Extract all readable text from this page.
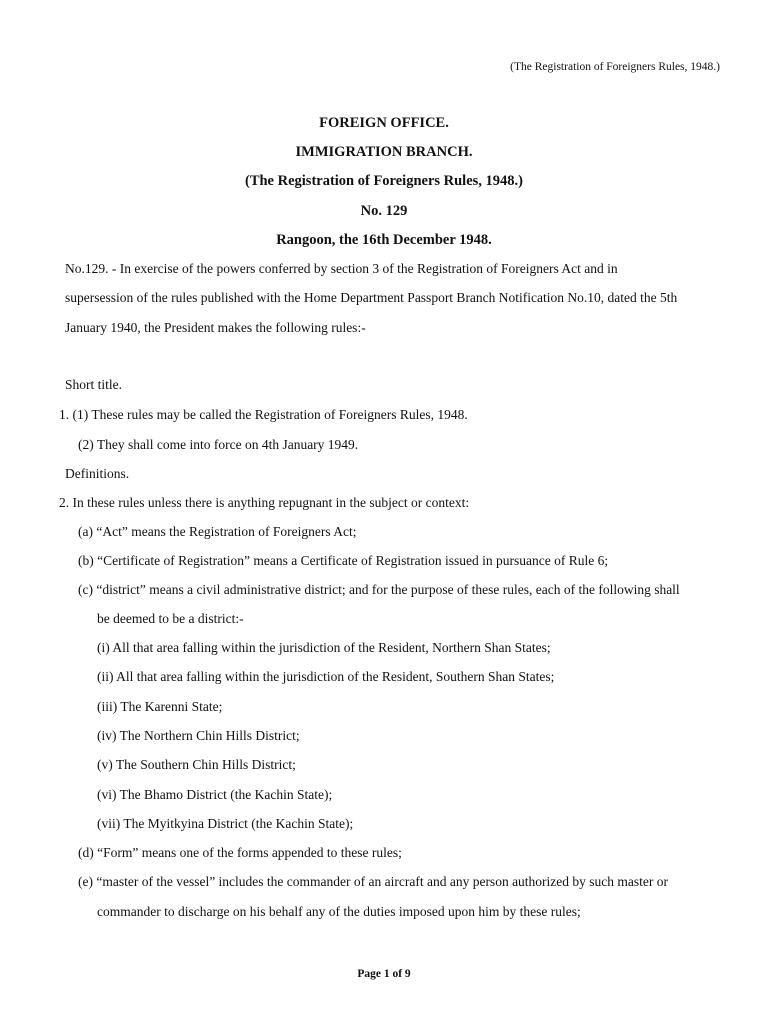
(The Registration of Foreigners Rules, 1948.)
FOREIGN OFFICE.
IMMIGRATION BRANCH.
(The Registration of Foreigners Rules, 1948.)
No. 129
Rangoon, the 16th December 1948.
No.129. - In exercise of the powers conferred by section 3 of the Registration of Foreigners Act and in
supersession of the rules published with the Home Department Passport Branch Notification No.10, dated the 5th
January 1940, the President makes the following rules:-
Short title.
1. (1) These rules may be called the Registration of Foreigners Rules, 1948.
(2) They shall come into force on 4th January 1949.
Definitions.
2. In these rules unless there is anything repugnant in the subject or context:
(a) “Act” means the Registration of Foreigners Act;
(b) “Certificate of Registration” means a Certificate of Registration issued in pursuance of Rule 6;
(c) “district” means a civil administrative district; and for the purpose of these rules, each of the following shall
be deemed to be a district:-
(i) All that area falling within the jurisdiction of the Resident, Northern Shan States;
(ii) All that area falling within the jurisdiction of the Resident, Southern Shan States;
(iii) The Karenni State;
(iv) The Northern Chin Hills District;
(v) The Southern Chin Hills District;
(vi) The Bhamo District (the Kachin State);
(vii) The Myitkyina District (the Kachin State);
(d) “Form” means one of the forms appended to these rules;
(e) “master of the vessel” includes the commander of an aircraft and any person authorized by such master or
commander to discharge on his behalf any of the duties imposed upon him by these rules;
Page 1 of 9
